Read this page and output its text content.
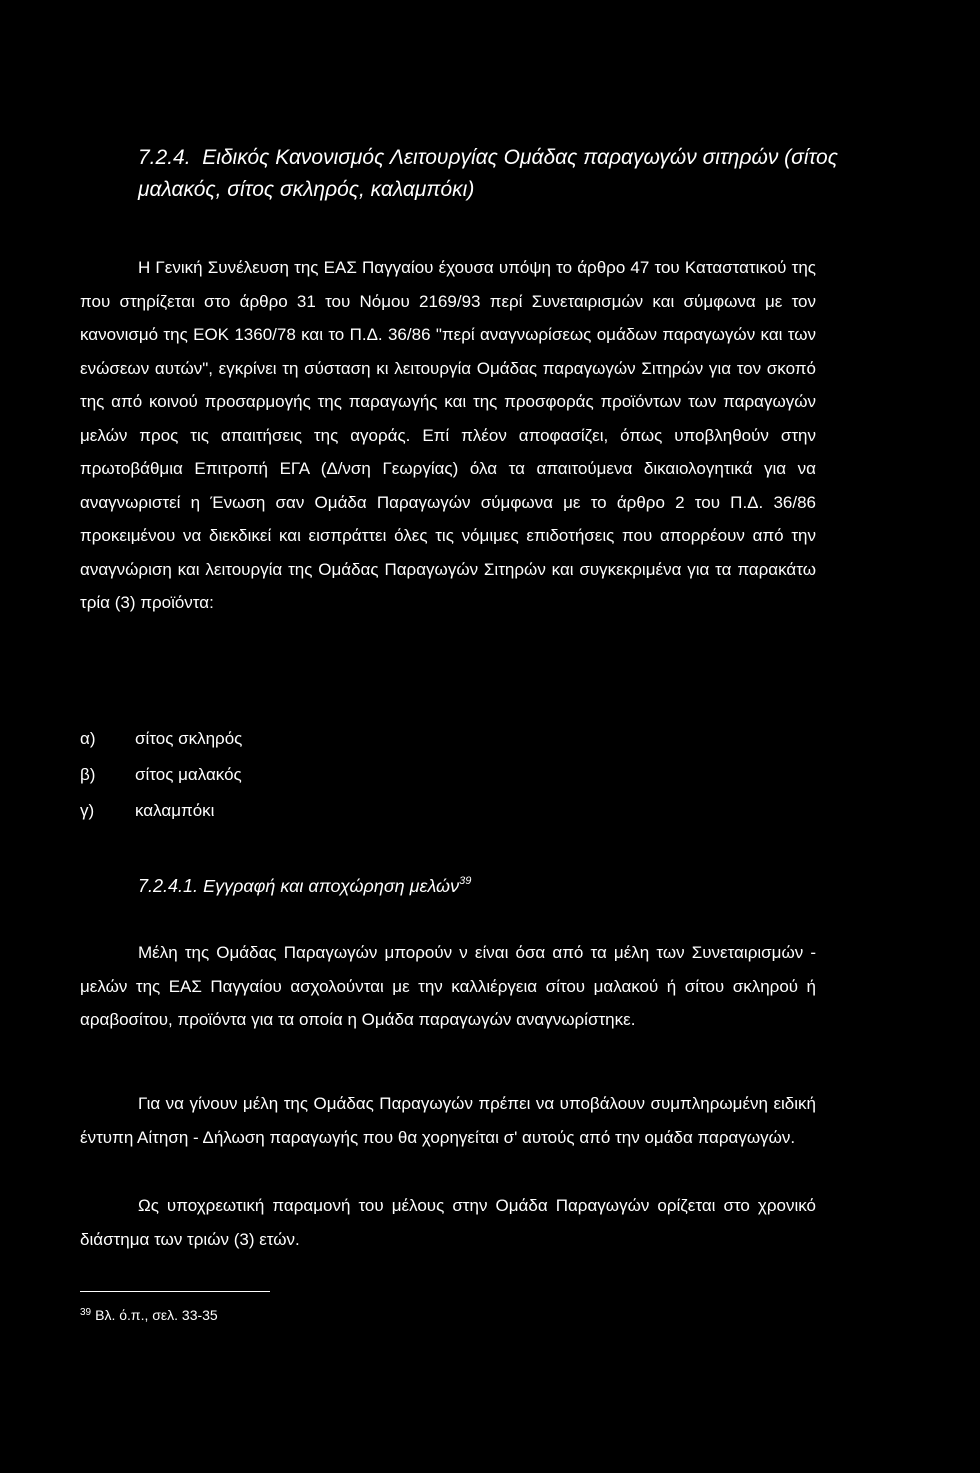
7.2.4. Ειδικός Κανονισμός Λειτουργίας Ομάδας παραγωγών σιτηρών (σίτος μαλακός, σίτος σκληρός, καλαμπόκι)
Η Γενική Συνέλευση της ΕΑΣ Παγγαίου έχουσα υπόψη το άρθρο 47 του Καταστατικού της που στηρίζεται στο άρθρο 31 του Νόμου 2169/93 περί Συνεταιρισμών και σύμφωνα με τον κανονισμό της ΕΟΚ 1360/78 και το Π.Δ. 36/86 "περί αναγνωρίσεως ομάδων παραγωγών και των ενώσεων αυτών", εγκρίνει τη σύσταση κι λειτουργία Ομάδας παραγωγών Σιτηρών για τον σκοπό της από κοινού προσαρμογής της παραγωγής και της προσφοράς προϊόντων των παραγωγών μελών προς τις απαιτήσεις της αγοράς. Επί πλέον αποφασίζει, όπως υποβληθούν στην πρωτοβάθμια Επιτροπή ΕΓΑ (Δ/νση Γεωργίας) όλα τα απαιτούμενα δικαιολογητικά για να αναγνωριστεί η Ένωση σαν Ομάδα Παραγωγών σύμφωνα με το άρθρο 2 του Π.Δ. 36/86 προκειμένου να διεκδικεί και εισπράττει όλες τις νόμιμες επιδοτήσεις που απορρέουν από την αναγνώριση και λειτουργία της Ομάδας Παραγωγών Σιτηρών και συγκεκριμένα για τα παρακάτω τρία (3) προϊόντα:
α) σίτος σκληρός
β) σίτος μαλακός
γ) καλαμπόκι
7.2.4.1. Εγγραφή και αποχώρηση μελών$^{39}$
Μέλη της Ομάδας Παραγωγών μπορούν ν είναι όσα από τα μέλη των Συνεταιρισμών - μελών της ΕΑΣ Παγγαίου ασχολούνται με την καλλιέργεια σίτου μαλακού ή σίτου σκληρού ή αραβοσίτου, προϊόντα για τα οποία η Ομάδα παραγωγών αναγνωρίστηκε.
Για να γίνουν μέλη της Ομάδας Παραγωγών πρέπει να υποβάλουν συμπληρωμένη ειδική έντυπη Αίτηση - Δήλωση παραγωγής που θα χορηγείται σ' αυτούς από την ομάδα παραγωγών.
Ως υποχρεωτική παραμονή του μέλους στην Ομάδα Παραγωγών ορίζεται στο χρονικό διάστημα των τριών (3) ετών.
$^{39}$ Βλ. ό.π., σελ. 33-35
